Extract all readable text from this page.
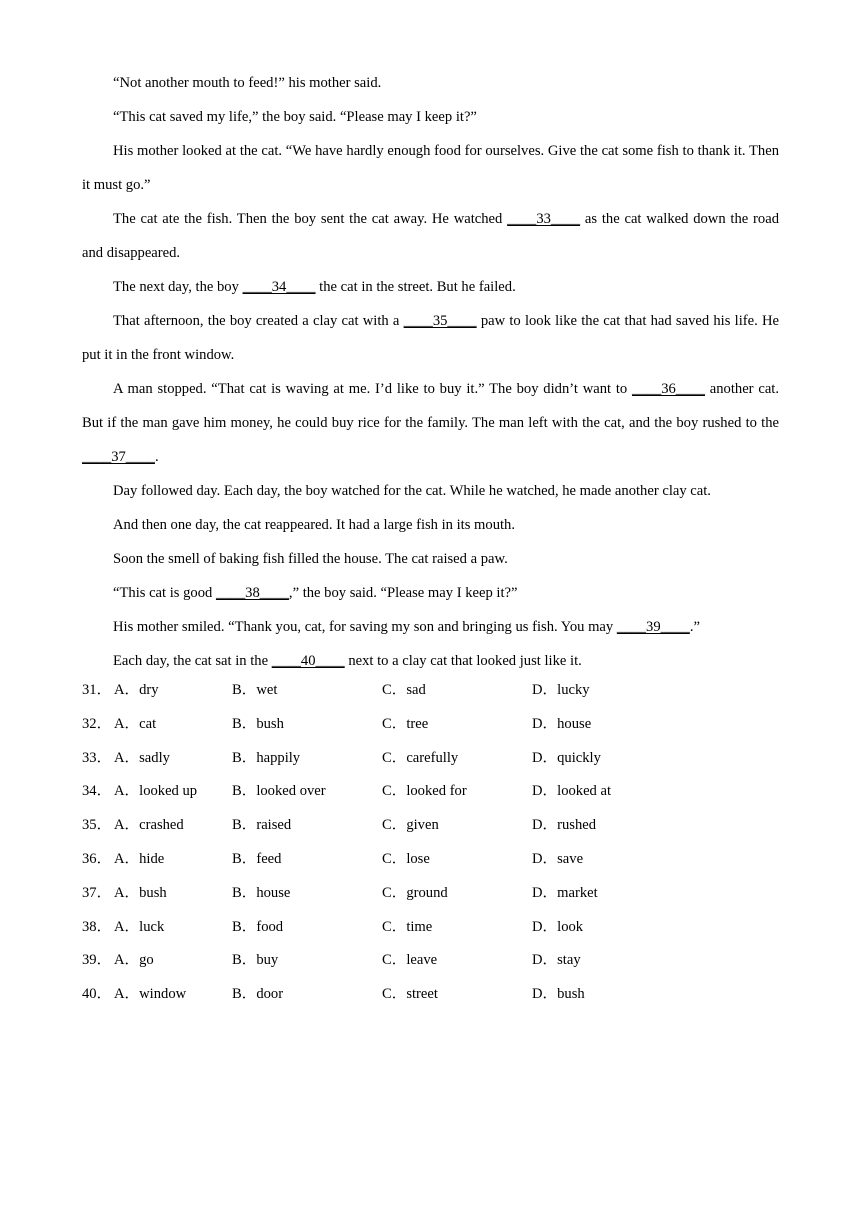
“Not another mouth to feed!” his mother said.

“This cat saved my life,” the boy said. “Please may I keep it?”

His mother looked at the cat. “We have hardly enough food for ourselves. Give the cat some fish to thank it. Then it must go.”

The cat ate the fish. Then the boy sent the cat away. He watched ____33____ as the cat walked down the road and disappeared.

The next day, the boy ____34____ the cat in the street. But he failed.

That afternoon, the boy created a clay cat with a ____35____ paw to look like the cat that had saved his life. He put it in the front window.

A man stopped. “That cat is waving at me. I’d like to buy it.” The boy didn’t want to ____36____ another cat. But if the man gave him money, he could buy rice for the family. The man left with the cat, and the boy rushed to the ____37____.

Day followed day. Each day, the boy watched for the cat. While he watched, he made another clay cat.

And then one day, the cat reappeared. It had a large fish in its mouth.

Soon the smell of baking fish filled the house. The cat raised a paw.

“This cat is good ____38____,” the boy said. “Please may I keep it?”

His mother smiled. “Thank you, cat, for saving my son and bringing us fish. You may ____39____.”

Each day, the cat sat in the ____40____ next to a clay cat that looked just like it.

31． A．dry	B．wet	C．sad	D．lucky
32． A．cat	B．bush	C．tree	D．house
33． A．sadly	B．happily	C．carefully	D．quickly
34． A．looked up B．looked over	C．looked for	D．looked at
35． A．crashed	B．raised	C．given	D．rushed
36． A．hide	B．feed	C．lose	D．save
37． A．bush	B．house	C．ground	D．market
38． A．luck	B．food	C．time	D．look
39． A．go	B．buy	C．leave	D．stay
40． A．window	B．door	C．street	D．bush
